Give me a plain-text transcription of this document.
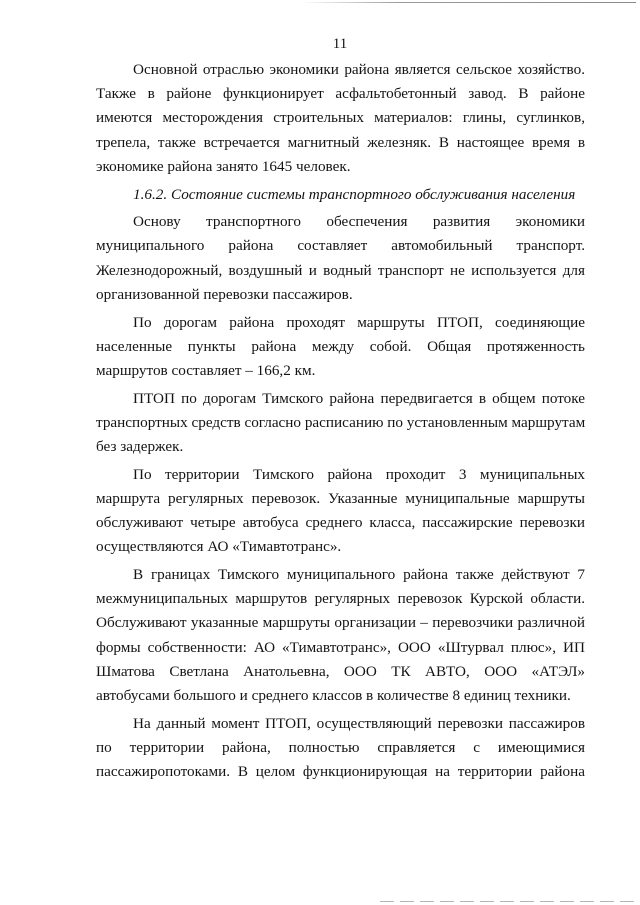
11

Основной отраслью экономики района является сельское хозяйство.
Также в районе функционирует асфальтобетонный завод. В районе
имеются месторождения строительных материалов: глины, суглинков,
трепела, также встречается магнитный железняк. В настоящее время в
экономике района занято 1645 человек.

1.6.2. Состояние системы транспортного обслуживания населения

Основу транспортного обеспечения развития экономики
муниципального района составляет автомобильный транспорт.
Железнодорожный, воздушный и водный транспорт не используется для
организованной перевозки пассажиров.

По дорогам района проходят маршруты ПТОП, соединяющие
населенные пункты района между собой. Общая протяженность
маршрутов составляет – 166,2 км.

ПТОП по дорогам Тимского района передвигается в общем потоке
транспортных средств согласно расписанию по установленным маршрутам
без задержек.

По территории Тимского района проходит 3 муниципальных
маршрута регулярных перевозок. Указанные муниципальные маршруты
обслуживают четыре автобуса среднего класса, пассажирские перевозки
осуществляются АО «Тимавтотранс».

В границах Тимского муниципального района также действуют 7
межмуниципальных маршрутов регулярных перевозок Курской области.
Обслуживают указанные маршруты организации – перевозчики различной
формы собственности: АО «Тимавтотранс», ООО «Штурвал плюс», ИП
Шматова Светлана Анатольевна, ООО ТК АВТО, ООО «АТЭЛ»
автобусами большого и среднего классов в количестве 8 единиц техники.

На данный момент ПТОП, осуществляющий перевозки пассажиров
по территории района, полностью справляется с имеющимися
пассажиропотоками. В целом функционирующая на территории района
